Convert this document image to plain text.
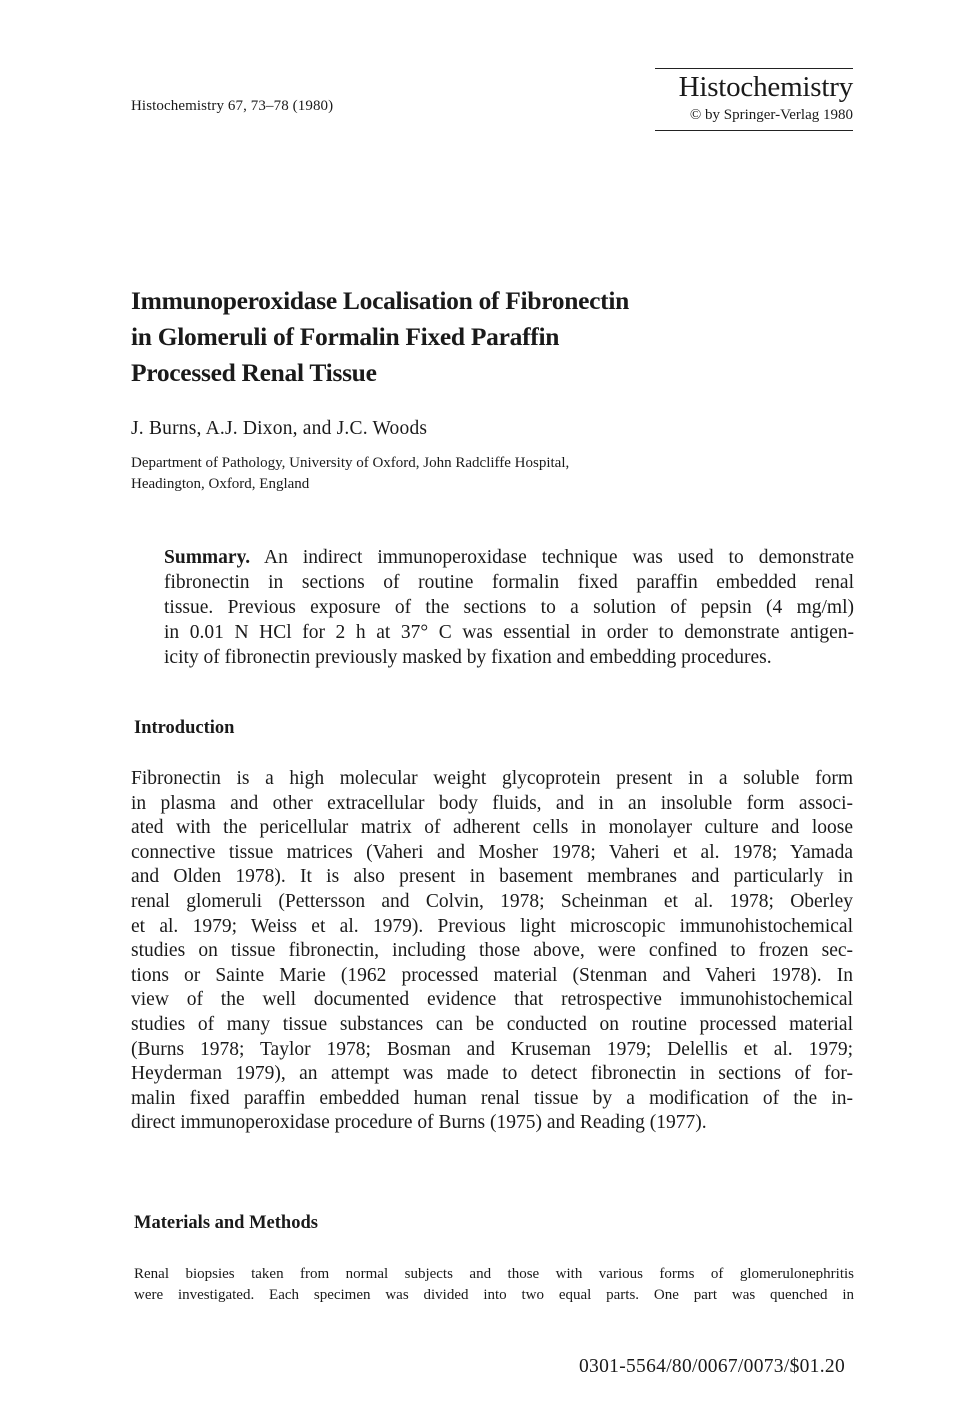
Histochemistry 67, 73–78 (1980)
Histochemistry
© by Springer-Verlag 1980
Immunoperoxidase Localisation of Fibronectin
in Glomeruli of Formalin Fixed Paraffin
Processed Renal Tissue
J. Burns, A.J. Dixon, and J.C. Woods
Department of Pathology, University of Oxford, John Radcliffe Hospital,
Headington, Oxford, England
Summary. An indirect immunoperoxidase technique was used to demonstrate
fibronectin in sections of routine formalin fixed paraffin embedded renal
tissue. Previous exposure of the sections to a solution of pepsin (4 mg/ml)
in 0.01 N HCl for 2 h at 37° C was essential in order to demonstrate antigen-
icity of fibronectin previously masked by fixation and embedding procedures.
Introduction
Fibronectin is a high molecular weight glycoprotein present in a soluble form
in plasma and other extracellular body fluids, and in an insoluble form associ-
ated with the pericellular matrix of adherent cells in monolayer culture and loose
connective tissue matrices (Vaheri and Mosher 1978; Vaheri et al. 1978; Yamada
and Olden 1978). It is also present in basement membranes and particularly in
renal glomeruli (Pettersson and Colvin, 1978; Scheinman et al. 1978; Oberley
et al. 1979; Weiss et al. 1979). Previous light microscopic immunohistochemical
studies on tissue fibronectin, including those above, were confined to frozen sec-
tions or Sainte Marie (1962 processed material (Stenman and Vaheri 1978). In
view of the well documented evidence that retrospective immunohistochemical
studies of many tissue substances can be conducted on routine processed material
(Burns 1978; Taylor 1978; Bosman and Kruseman 1979; Delellis et al. 1979;
Heyderman 1979), an attempt was made to detect fibronectin in sections of for-
malin fixed paraffin embedded human renal tissue by a modification of the in-
direct immunoperoxidase procedure of Burns (1975) and Reading (1977).
Materials and Methods
Renal biopsies taken from normal subjects and those with various forms of glomerulonephritis
were investigated. Each specimen was divided into two equal parts. One part was quenched in
0301-5564/80/0067/0073/$01.20
